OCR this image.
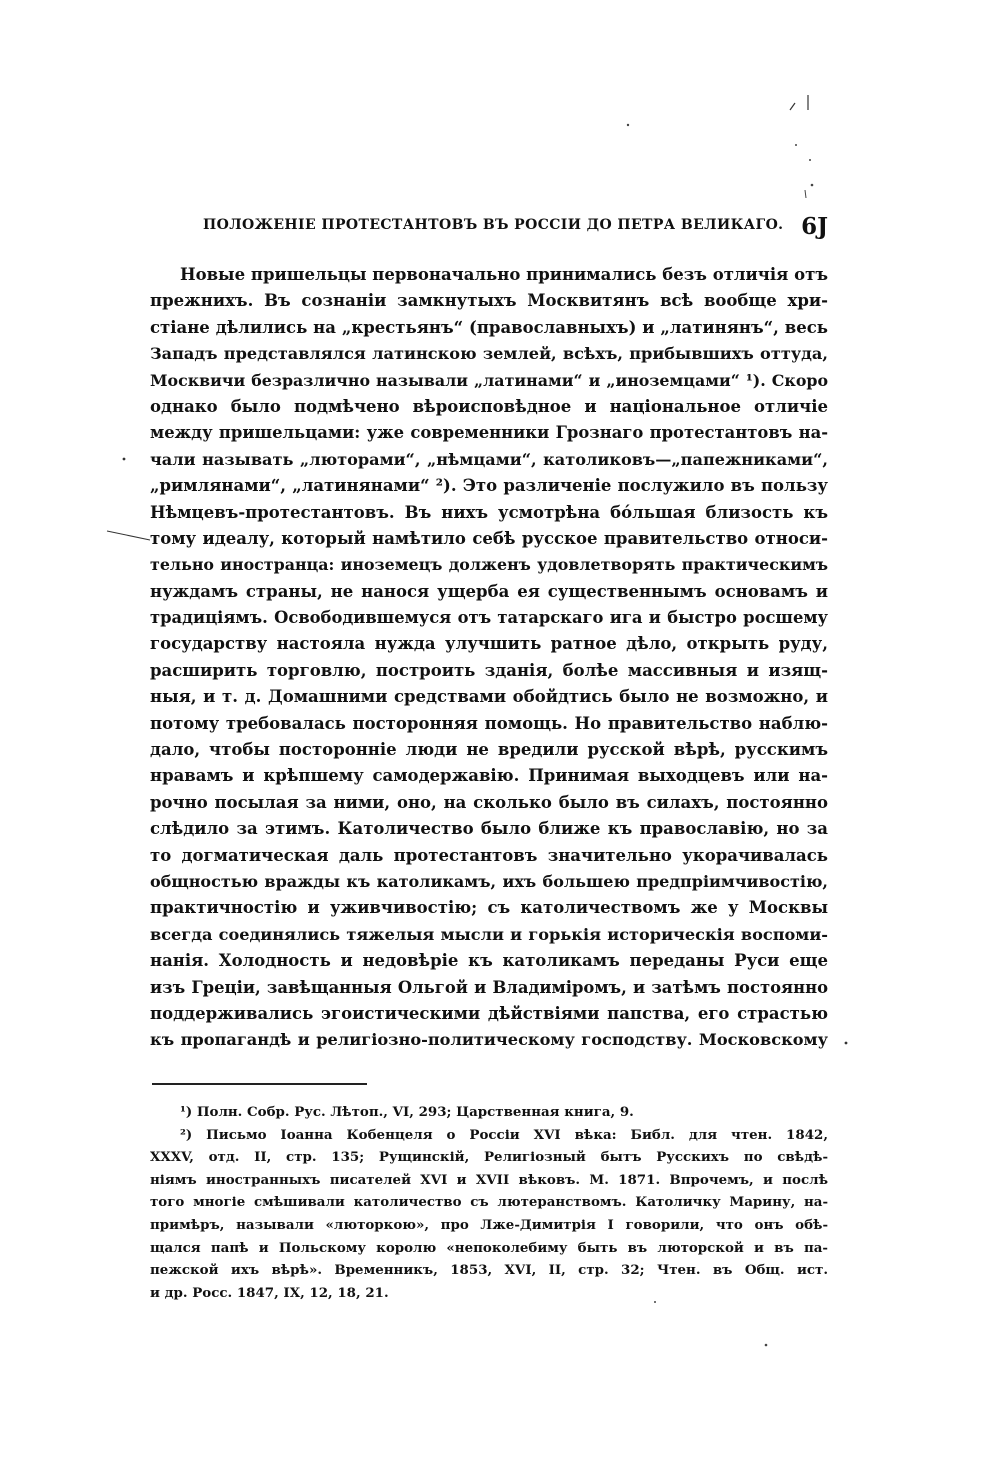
ПОЛОЖЕНІЕ ПРОТЕСТАНТОВЪ ВЪ РОССІИ ДО ПЕТРА ВЕЛИКАГО. 6J
Новые пришельцы первоначально принимались безъ отличія отъ
прежнихъ. Въ сознаніи замкнутыхъ Москвитянъ всѣ вообще хри-
стіане дѣлились на „крестьянъ“ (православныхъ) и „латинянъ“, весь
Западъ представлялся латинскою землей, всѣхъ, прибывшихъ оттуда,
Москвичи безразлично называли „латинами“ и „иноземцами“ ¹). Скоро
однако было подмѣчено вѣроисповѣдное и національное отличіе
между пришельцами: уже современники Грознаго протестантовъ на-
чали называть „люторами“, „нѣмцами“, католиковъ—„папежниками“,
„римлянами“, „латинянами“ ²). Это различеніе послужило въ пользу
Нѣмцевъ-протестантовъ. Въ нихъ усмотрѣна бо́льшая близость къ
тому идеалу, который намѣтило себѣ русское правительство относи-
тельно иностранца: иноземецъ долженъ удовлетворять практическимъ
нуждамъ страны, не нанося ущерба ея существеннымъ основамъ и
традиціямъ. Освободившемуся отъ татарскаго ига и быстро росшему
государству настояла нужда улучшить ратное дѣло, открыть руду,
расширить торговлю, построить зданія, болѣе массивныя и изящ-
ныя, и т. д. Домашними средствами обойдтись было не возможно, и
потому требовалась посторонняя помощь. Но правительство наблю-
дало, чтобы посторонніе люди не вредили русской вѣрѣ, русскимъ
нравамъ и крѣпшему самодержавію. Принимая выходцевъ или на-
рочно посылая за ними, оно, на сколько было въ силахъ, постоянно
слѣдило за этимъ. Католичество было ближе къ православію, но за
то догматическая даль протестантовъ значительно укорачивалась
общностью вражды къ католикамъ, ихъ большею предпріимчивостію,
практичностію и уживчивостію; съ католичествомъ же у Москвы
всегда соединялись тяжелыя мысли и горькія историческія воспоми-
нанія. Холодность и недовѣріе къ католикамъ переданы Руси еще
изъ Греціи, завѣщанныя Ольгой и Владиміромъ, и затѣмъ постоянно
поддерживались эгоистическими дѣйствіями папства, его страстью
къ пропагандѣ и религіозно-политическому господству. Московскому
¹) Полн. Собр. Рус. Лѣтоп., VI, 293; Царственная книга, 9.
²) Письмо Іоанна Кобенцеля о Россіи XVI вѣка: Библ. для чтен. 1842,
XXXV, отд. II, стр. 135; Рущинскій, Религіозный бытъ Русскихъ по свѣдѣ-
ніямъ иностранныхъ писателей XVI и XVII вѣковъ. М. 1871. Впрочемъ, и послѣ
того многіе смѣшивали католичество съ лютеранствомъ. Католичку Марину, на-
примѣръ, называли «люторкою», про Лже-Димитрія I говорили, что онъ обѣ-
щался папѣ и Польскому королю «непоколебиму быть въ люторской и въ па-
пежской ихъ вѣрѣ». Временникъ, 1853, XVI, II, стр. 32; Чтен. въ Общ. ист.
и др. Росс. 1847, IX, 12, 18, 21.
